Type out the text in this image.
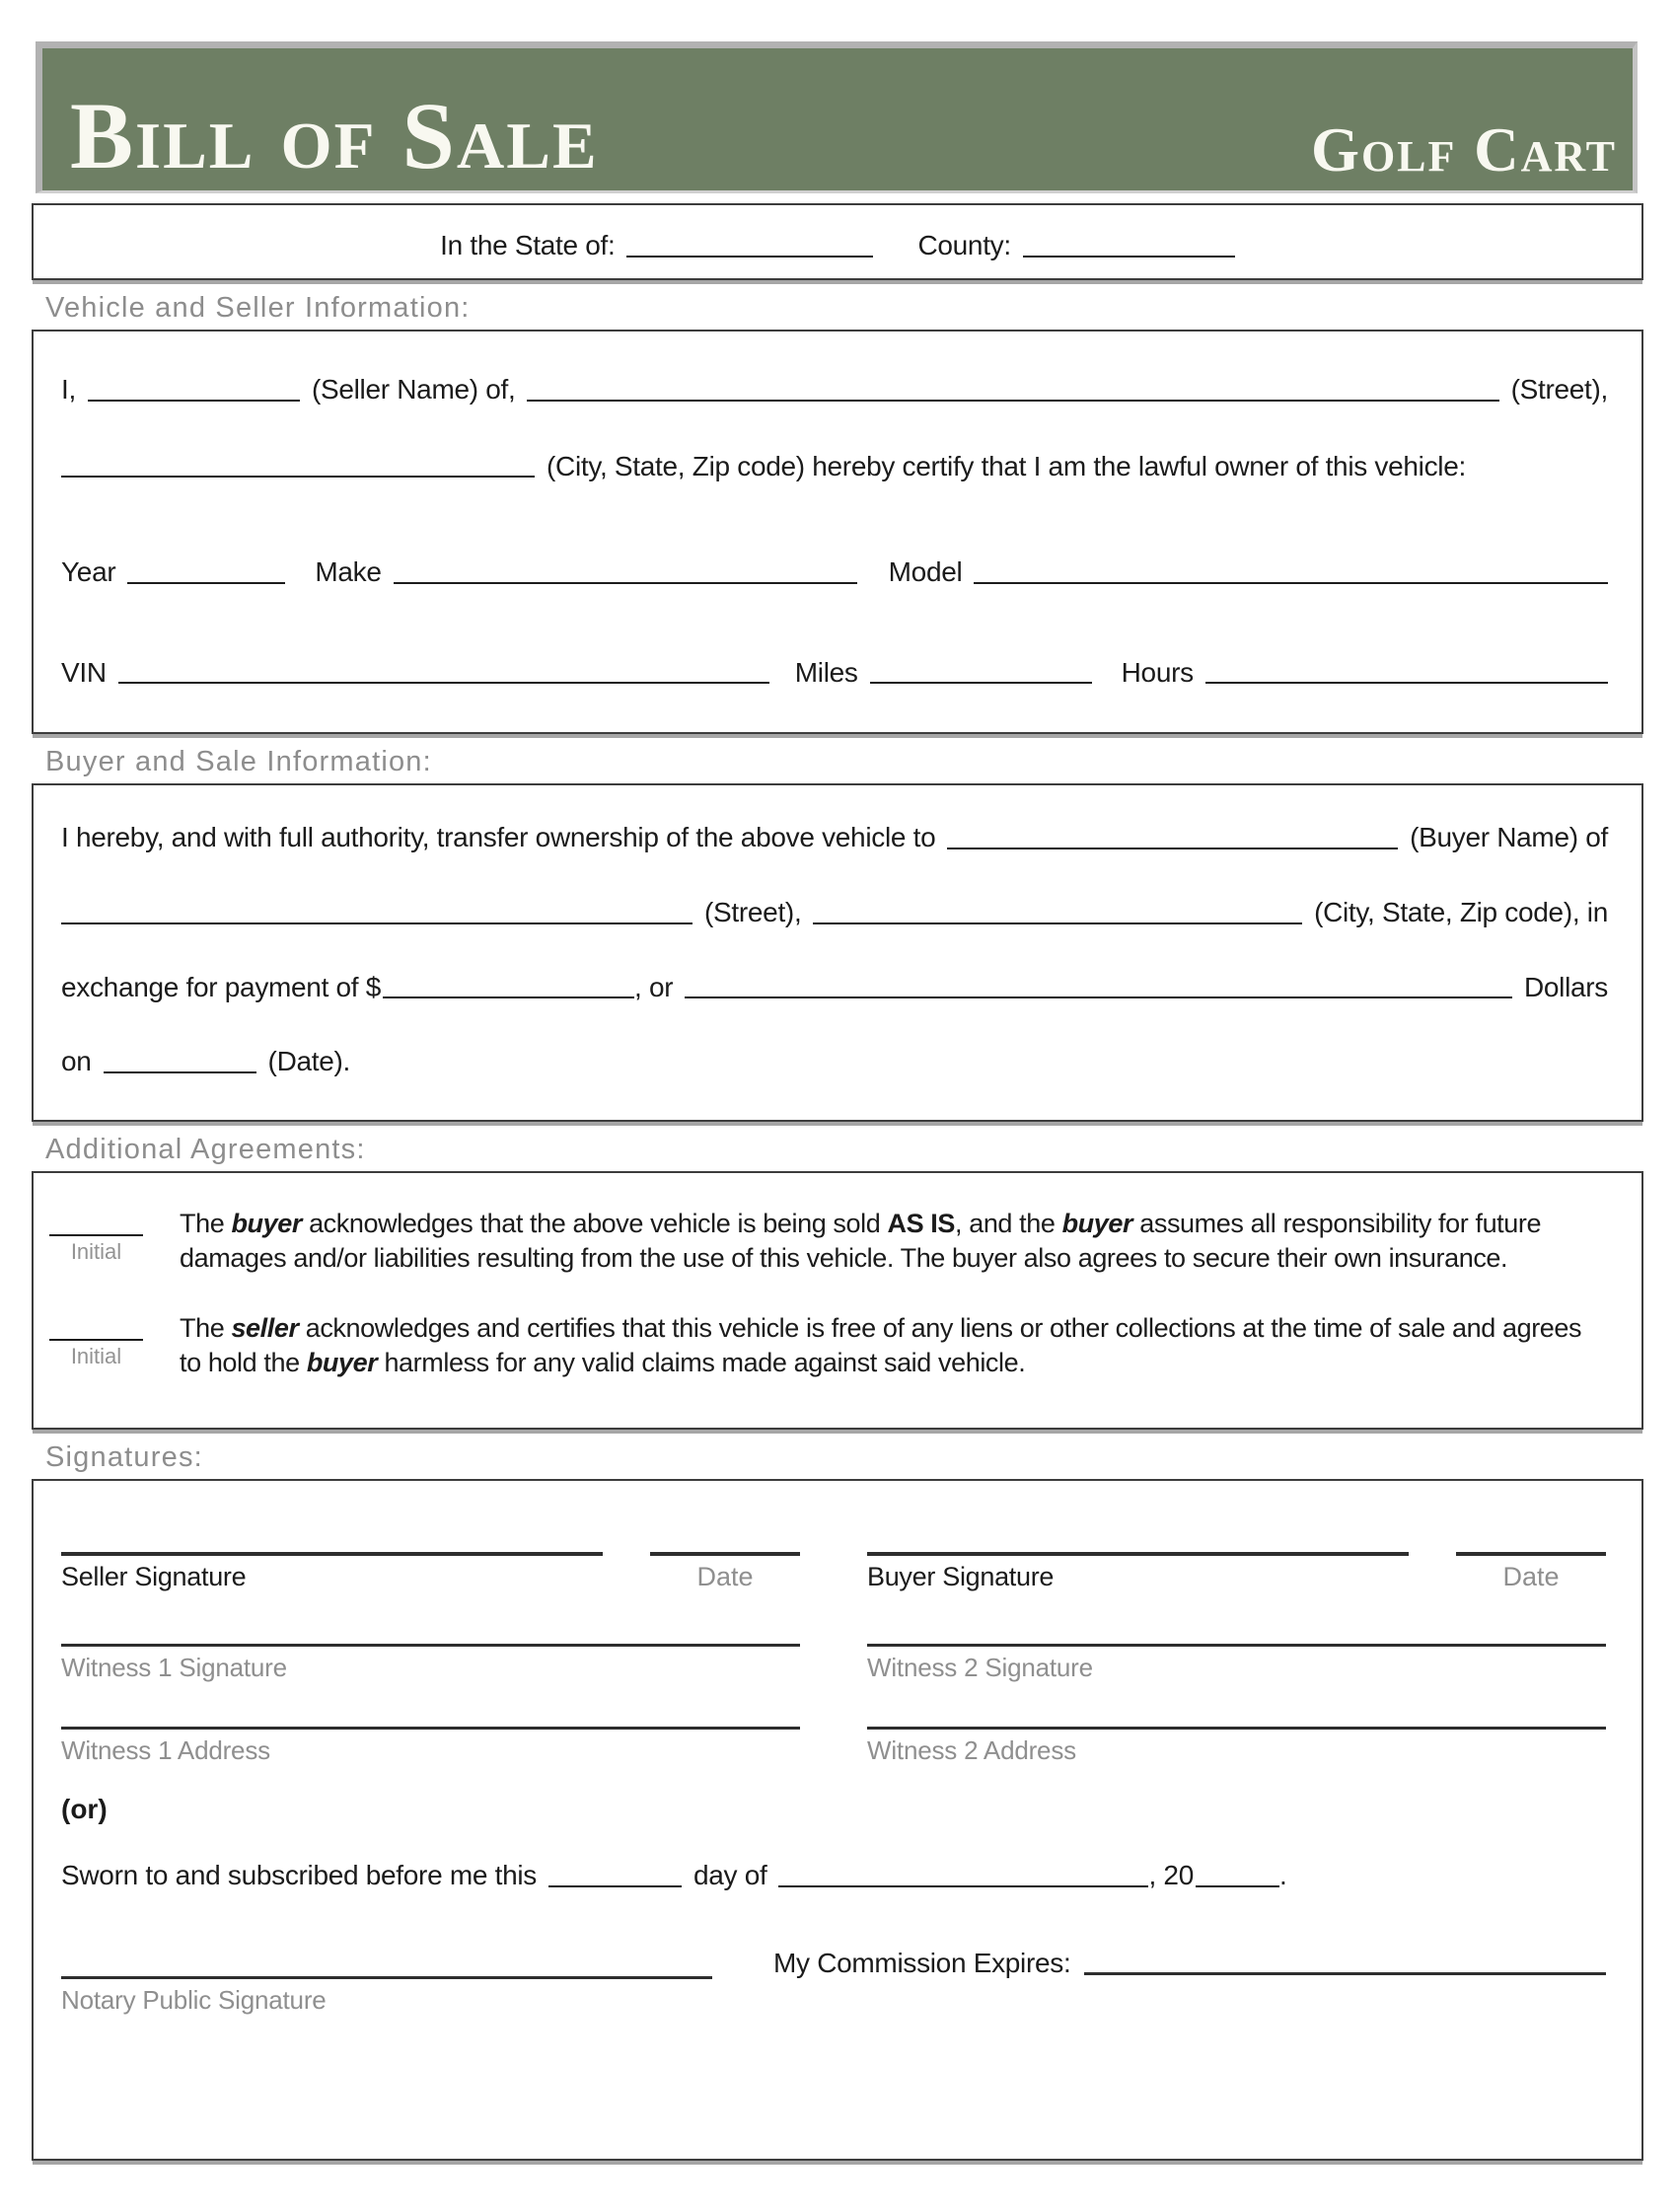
Bill of Sale	Golf Cart
In the State of:	County:
Vehicle and Seller Information:
I,	(Seller Name) of,	(Street),
(City, State, Zip code) hereby certify that I am the lawful owner of this vehicle:
Year	Make	Model
VIN	Miles	Hours
Buyer and Sale Information:
I hereby, and with full authority, transfer ownership of the above vehicle to	(Buyer Name) of
(Street),	(City, State, Zip code), in
exchange for payment of $	, or	Dollars
on	(Date).
Additional Agreements:
Initial
The buyer acknowledges that the above vehicle is being sold AS IS, and the buyer assumes all responsibility for future damages and/or liabilities resulting from the use of this vehicle. The buyer also agrees to secure their own insurance.
Initial
The seller acknowledges and certifies that this vehicle is free of any liens or other collections at the time of sale and agrees to hold the buyer harmless for any valid claims made against said vehicle.
Signatures:
Seller Signature	Date	Buyer Signature	Date
Witness 1 Signature	Witness 2 Signature
Witness 1 Address	Witness 2 Address
(or)
Sworn to and subscribed before me this	day of	, 20	.
My Commission Expires:
Notary Public Signature
